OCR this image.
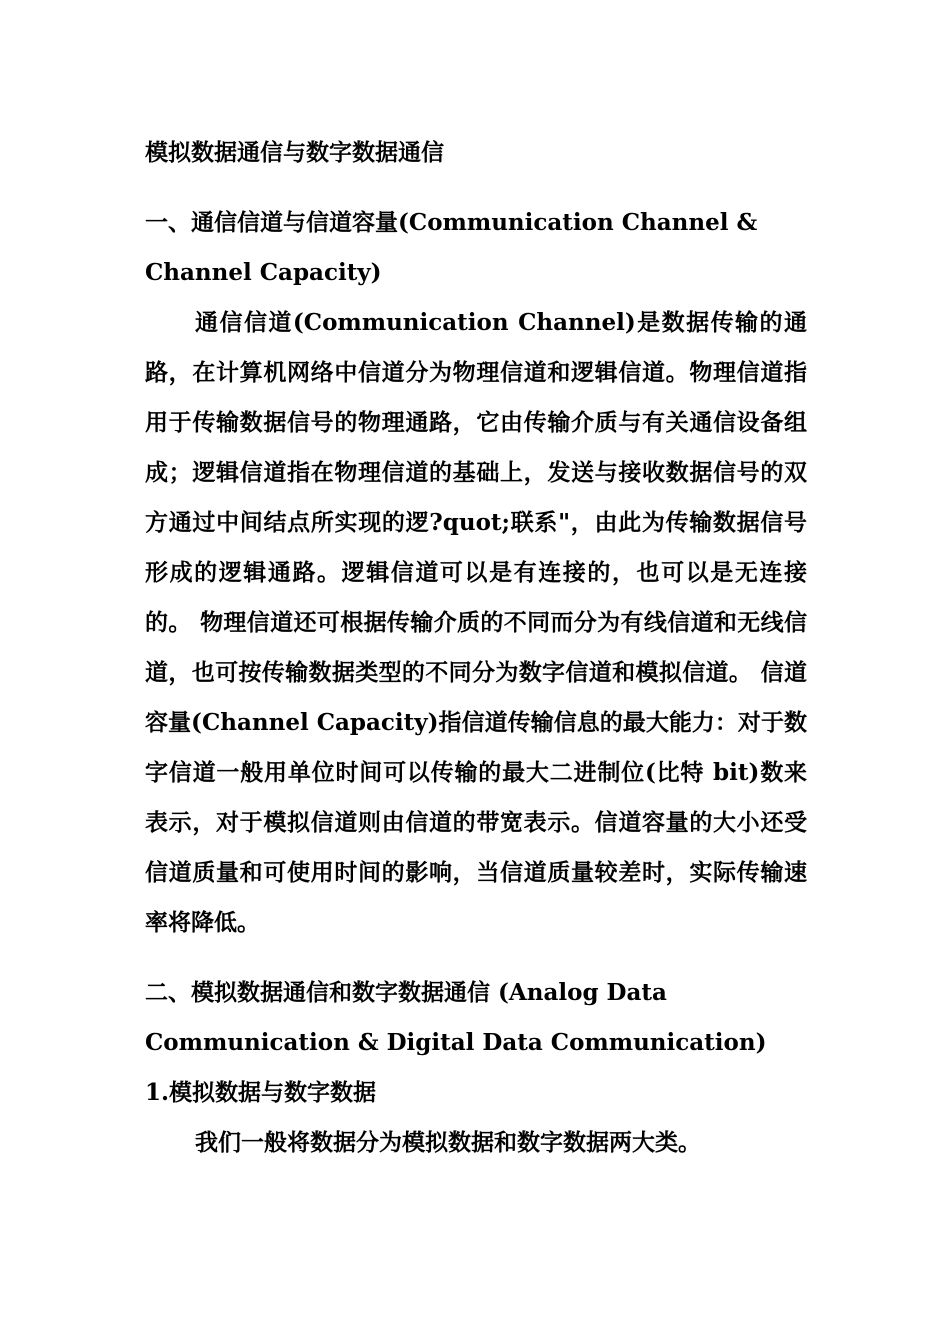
模拟数据通信与数字数据通信

一、通信信道与信道容量(Communication Channel & Channel Capacity)

通信信道(Communication Channel)是数据传输的通路，在计算机网络中信道分为物理信道和逻辑信道。物理信道指用于传输数据信号的物理通路，它由传输介质与有关通信设备组成；逻辑信道指在物理信道的基础上，发送与接收数据信号的双方通过中间结点所实现的逻?quot;联系"，由此为传输数据信号形成的逻辑通路。逻辑信道可以是有连接的，也可以是无连接的。 物理信道还可根据传输介质的不同而分为有线信道和无线信道，也可按传输数据类型的不同分为数字信道和模拟信道。 信道容量(Channel Capacity)指信道传输信息的最大能力：对于数字信道一般用单位时间可以传输的最大二进制位(比特 bit)数来表示，对于模拟信道则由信道的带宽表示。信道容量的大小还受信道质量和可使用时间的影响，当信道质量较差时，实际传输速率将降低。

二、模拟数据通信和数字数据通信 (Analog Data Communication & Digital Data Communication)

1.模拟数据与数字数据

我们一般将数据分为模拟数据和数字数据两大类。
